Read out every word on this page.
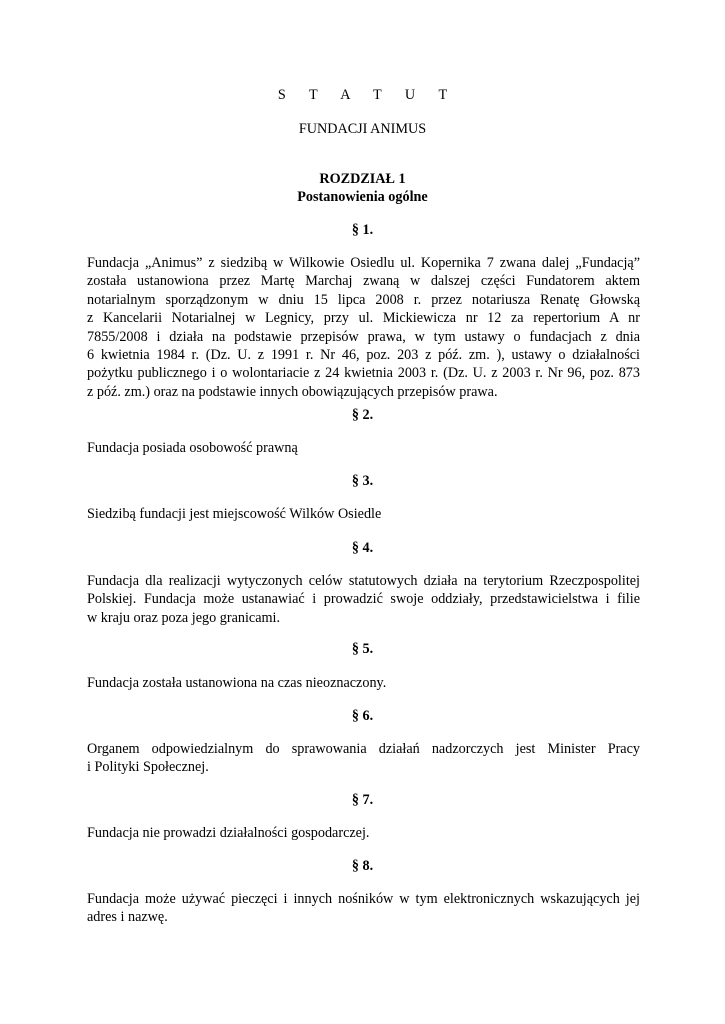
S T A T U T
FUNDACJI ANIMUS
ROZDZIAŁ 1
Postanowienia ogólne
§ 1.
Fundacja „Animus” z siedzibą w Wilkowie Osiedlu ul. Kopernika 7 zwana dalej „Fundacją”
została ustanowiona przez Martę Marchaj zwaną w dalszej części Fundatorem aktem
notarialnym sporządzonym w dniu 15 lipca 2008 r. przez notariusza Renatę Głowską
z Kancelarii Notarialnej w Legnicy, przy ul. Mickiewicza nr 12 za repertorium A nr
7855/2008 i działa na podstawie przepisów prawa, w tym ustawy o fundacjach z dnia
6 kwietnia 1984 r. (Dz. U. z 1991 r. Nr 46, poz. 203 z póź. zm. ), ustawy o działalności
pożytku publicznego i o wolontariacie z 24 kwietnia 2003 r. (Dz. U. z 2003 r. Nr 96, poz. 873
z póź. zm.) oraz na podstawie innych obowiązujących przepisów prawa.
§ 2.
Fundacja posiada osobowość prawną
§ 3.
Siedzibą fundacji jest miejscowość Wilków Osiedle
§ 4.
Fundacja dla realizacji wytyczonych celów statutowych działa na terytorium Rzeczpospolitej
Polskiej. Fundacja może ustanawiać i prowadzić swoje oddziały, przedstawicielstwa i filie
w kraju oraz poza jego granicami.
§ 5.
Fundacja została ustanowiona na czas nieoznaczony.
§ 6.
Organem odpowiedzialnym do sprawowania działań nadzorczych jest Minister Pracy
i Polityki Społecznej.
§ 7.
Fundacja nie prowadzi działalności gospodarczej.
§ 8.
Fundacja może używać pieczęci i innych nośników w tym elektronicznych wskazujących jej
adres i nazwę.
